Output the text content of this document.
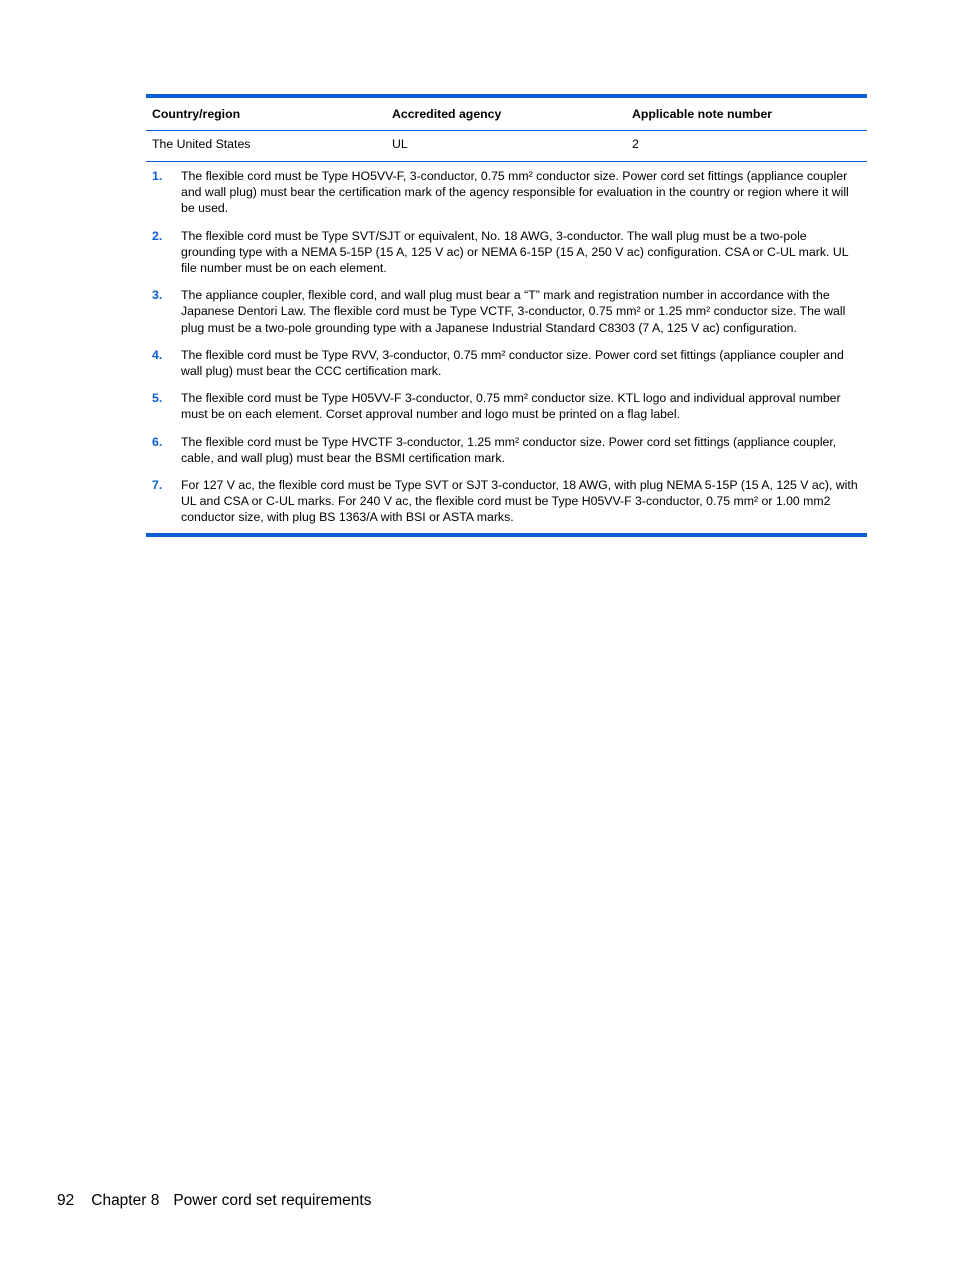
Country/region	Accredited agency	Applicable note number
The United States	UL	2
1.	The flexible cord must be Type HO5VV-F, 3-conductor, 0.75 mm² conductor size. Power cord set fittings (appliance coupler and wall plug) must bear the certification mark of the agency responsible for evaluation in the country or region where it will be used.
2.	The flexible cord must be Type SVT/SJT or equivalent, No. 18 AWG, 3-conductor. The wall plug must be a two-pole grounding type with a NEMA 5-15P (15 A, 125 V ac) or NEMA 6-15P (15 A, 250 V ac) configuration. CSA or C-UL mark. UL file number must be on each element.
3.	The appliance coupler, flexible cord, and wall plug must bear a “T” mark and registration number in accordance with the Japanese Dentori Law. The flexible cord must be Type VCTF, 3-conductor, 0.75 mm² or 1.25 mm² conductor size. The wall plug must be a two-pole grounding type with a Japanese Industrial Standard C8303 (7 A, 125 V ac) configuration.
4.	The flexible cord must be Type RVV, 3-conductor, 0.75 mm² conductor size. Power cord set fittings (appliance coupler and wall plug) must bear the CCC certification mark.
5.	The flexible cord must be Type H05VV-F 3-conductor, 0.75 mm² conductor size. KTL logo and individual approval number must be on each element. Corset approval number and logo must be printed on a flag label.
6.	The flexible cord must be Type HVCTF 3-conductor, 1.25 mm² conductor size. Power cord set fittings (appliance coupler, cable, and wall plug) must bear the BSMI certification mark.
7.	For 127 V ac, the flexible cord must be Type SVT or SJT 3-conductor, 18 AWG, with plug NEMA 5-15P (15 A, 125 V ac), with UL and CSA or C-UL marks. For 240 V ac, the flexible cord must be Type H05VV-F 3-conductor, 0.75 mm² or 1.00 mm2 conductor size, with plug BS 1363/A with BSI or ASTA marks.
92 Chapter 8 Power cord set requirements
